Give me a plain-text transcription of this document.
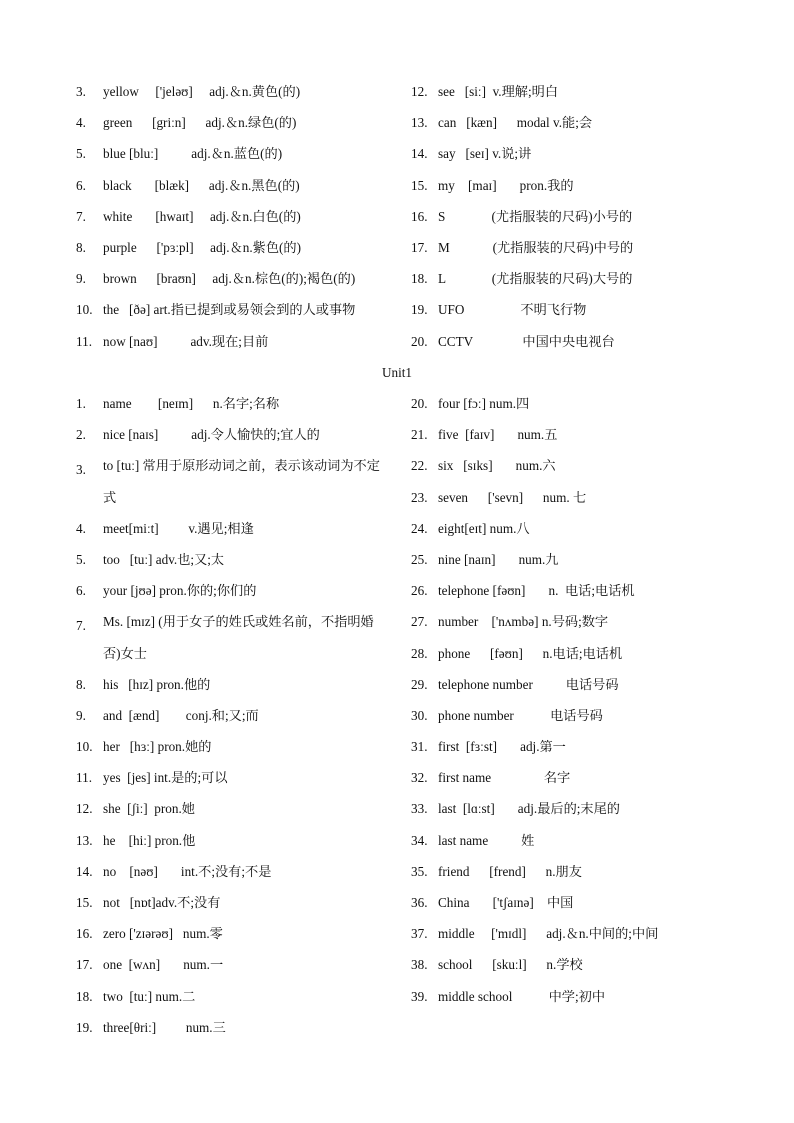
3.	yellow     ['jeləʊ]     adj.＆n.黄色(的)
4.	green      [griːn]      adj.＆n.绿色(的)
5.	blue [bluː]          adj.＆n.蓝色(的)
6.	black       [blæk]      adj.＆n.黑色(的)
7.	white       [hwaɪt]     adj.＆n.白色(的)
8.	purple      ['pɜːpl]     adj.＆n.紫色(的)
9.	brown      [braʊn]     adj.＆n.棕色(的);褐色(的)
10. the   [ðə] art.指已提到或易领会到的人或事物
11. now [naʊ]          adv.现在;目前
12. see   [siː]  v.理解;明白
13. can   [kæn]      modal v.能;会
14. say   [seɪ] v.说;讲
15. my    [maɪ]       pron.我的
16. S              (尤指服装的尺码)小号的
17. M             (尤指服装的尺码)中号的
18. L              (尤指服装的尺码)大号的
19. UFO                 不明飞行物
20. CCTV               中国中央电视台
Unit1
1.	name        [neɪm]      n.名字;名称
2.	nice [naɪs]          adj.令人愉快的;宜人的
3.	to [tuː] 常用于原形动词之前，表示该动词为不定式
4.	meet[miːt]         v.遇见;相逢
5.	too   [tuː] adv.也;又;太
6.	your [jʊə] pron.你的;你们的
7.	Ms. [mɪz] (用于女子的姓氏或姓名前，不指明婚否)女士
8.	his   [hɪz] pron.他的
9.	and  [ænd]        conj.和;又;而
10. her   [hɜː] pron.她的
11. yes  [jes] int.是的;可以
12. she  [ʃiː]  pron.她
13. he    [hiː] pron.他
14. no    [nəʊ]       int.不;没有;不是
15. not   [nɒt]adv.不;没有
16. zero ['zɪərəʊ]   num.零
17. one  [wʌn]       num.一
18. two  [tuː] num.二
19. three[θriː]         num.三
20. four [fɔː] num.四
21. five  [faɪv]       num.五
22. six   [sɪks]       num.六
23. seven      ['sevn]      num. 七
24. eight[eɪt] num.八
25. nine [naɪn]       num.九
26. telephone [fəʊn]       n.  电话;电话机
27. number    ['nʌmbə] n.号码;数字
28. phone      [fəʊn]      n.电话;电话机
29. telephone number          电话号码
30. phone number           电话号码
31. first  [fɜːst]       adj.第一
32. first name                名字
33. last  [lɑːst]       adj.最后的;末尾的
34. last name          姓
35. friend      [frend]      n.朋友
36. China       ['tʃaɪnə]    中国
37. middle     ['mɪdl]      adj.＆n.中间的;中间
38. school      [skuːl]      n.学校
39. middle school           中学;初中
